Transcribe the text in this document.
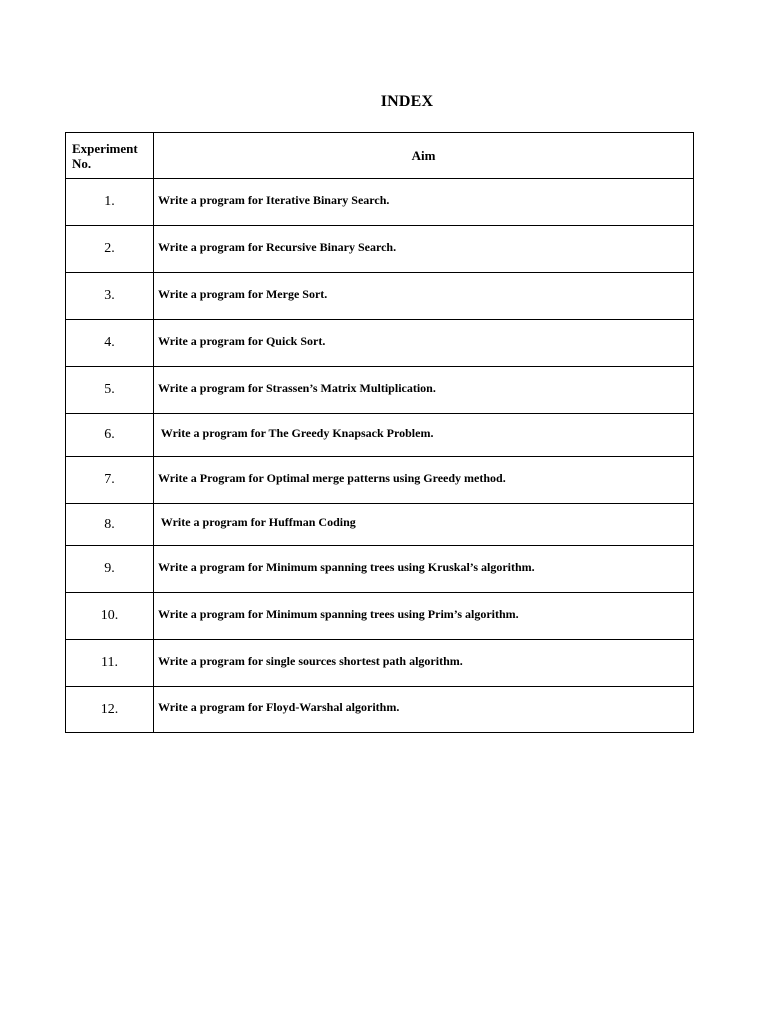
INDEX
Experiment No.	Aim
1.	Write a program for Iterative Binary Search.
2.	Write a program for Recursive Binary Search.
3.	Write a program for Merge Sort.
4.	Write a program for Quick Sort.
5.	Write a program for Strassen’s Matrix Multiplication.
6.	Write a program for The Greedy Knapsack Problem.
7.	Write a Program for Optimal merge patterns using Greedy method.
8.	Write a program for Huffman Coding
9.	Write a program for Minimum spanning trees using Kruskal’s algorithm.
10.	Write a program for Minimum spanning trees using Prim’s algorithm.
11.	Write a program for single sources shortest path algorithm.
12.	Write a program for Floyd-Warshal algorithm.
